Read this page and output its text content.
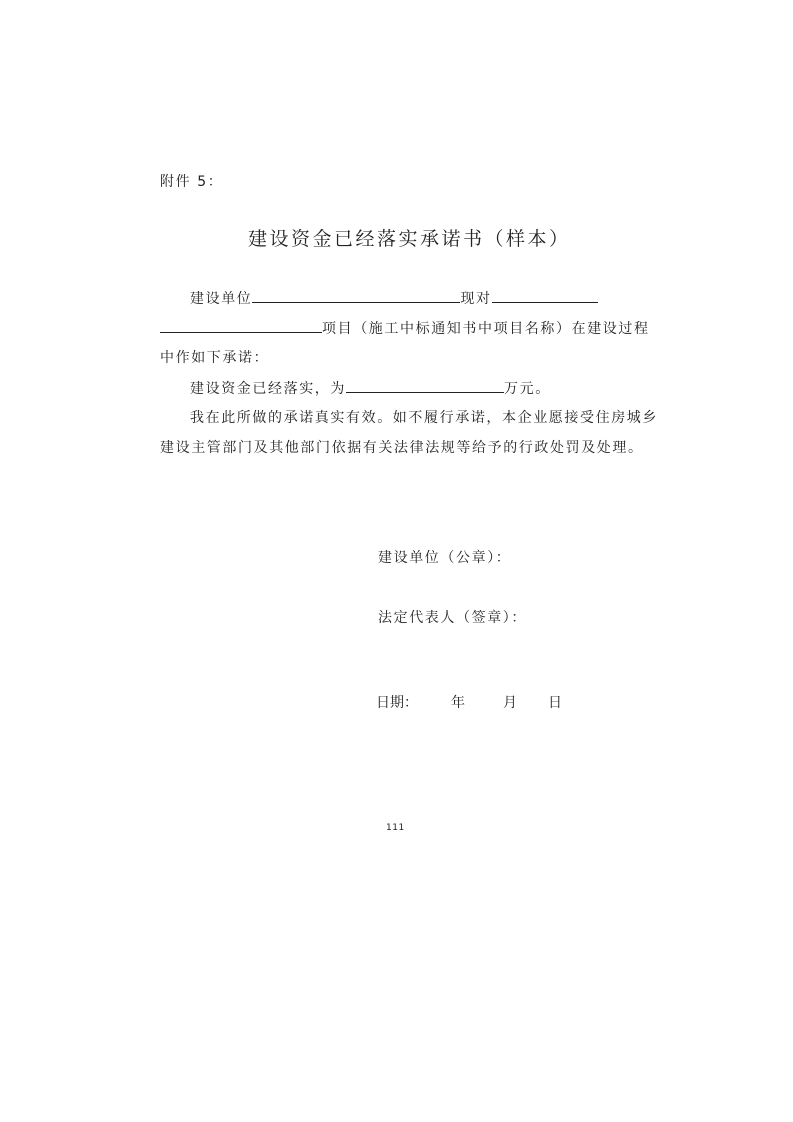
附件 5：
建设资金已经落实承诺书（样本）
建设单位	现对
项目（施工中标通知书中项目名称）在建设过程
中作如下承诺：
建设资金已经落实，为	万元。
我在此所做的承诺真实有效。如不履行承诺，本企业愿接受住房城乡
建设主管部门及其他部门依据有关法律法规等给予的行政处罚及处理。
建设单位（公章）：
法定代表人（签章）：
日期： 年	月 日
111
